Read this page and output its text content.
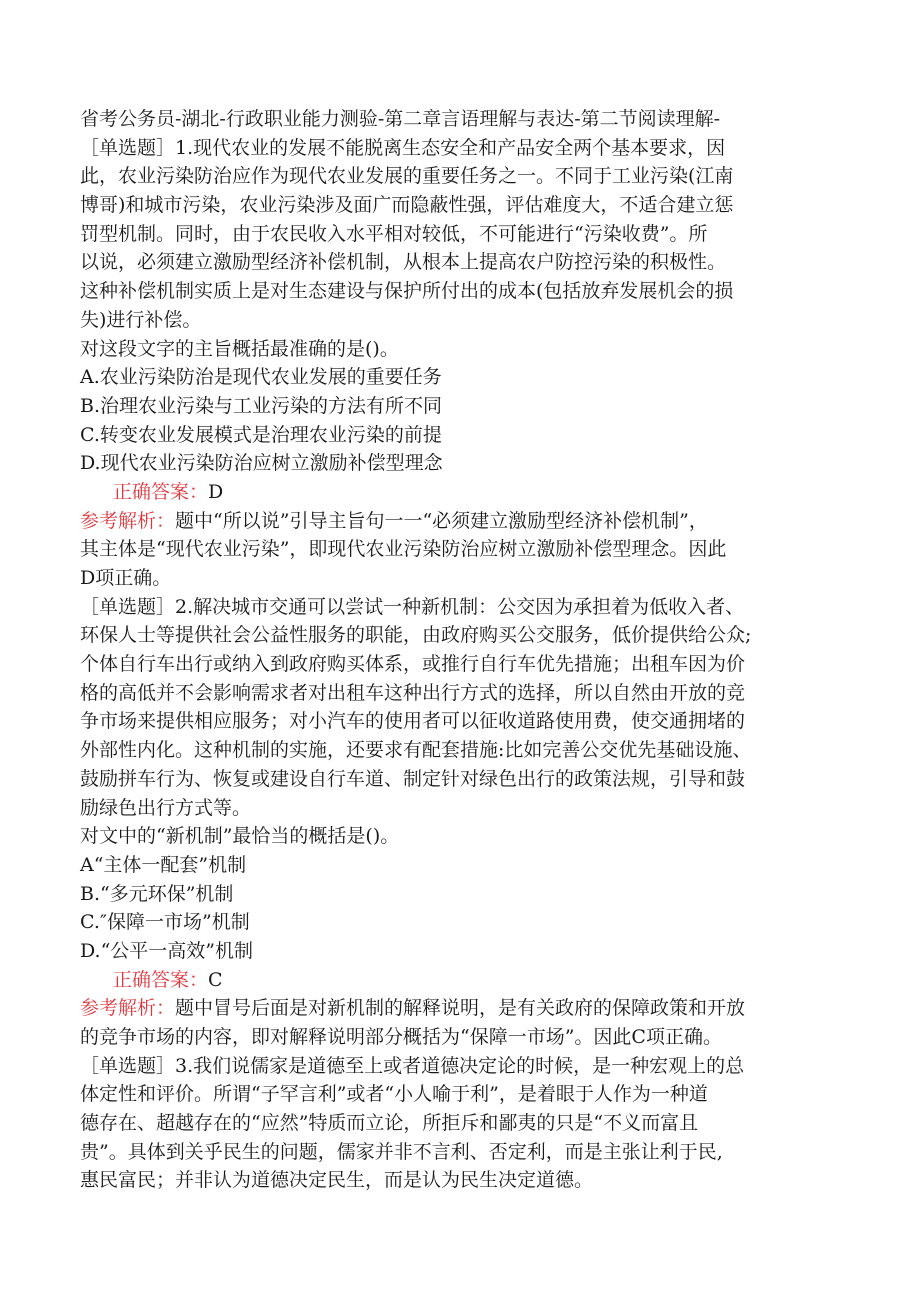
省考公务员-湖北-行政职业能力测验-第二章言语理解与表达-第二节阅读理解-
［单选题］1.现代农业的发展不能脱离生态安全和产品安全两个基本要求，因
此，农业污染防治应作为现代农业发展的重要任务之一。不同于工业污染(江南
博哥)和城市污染，农业污染涉及面广而隐蔽性强，评估难度大，不适合建立惩
罚型机制。同时，由于农民收入水平相对较低，不可能进行“污染收费”。所
以说，必须建立激励型经济补偿机制，从根本上提高农户防控污染的积极性。
这种补偿机制实质上是对生态建设与保护所付出的成本(包括放弃发展机会的损
失)进行补偿。
对这段文字的主旨概括最准确的是()。
A.农业污染防治是现代农业发展的重要任务
B.治理农业污染与工业污染的方法有所不同
C.转变农业发展模式是治理农业污染的前提
D.现代农业污染防治应树立激励补偿型理念
正确答案：D
参考解析：题中“所以说”引导主旨句一一“必须建立激励型经济补偿机制”，
其主体是“现代农业污染”，即现代农业污染防治应树立激励补偿型理念。因此
D项正确。
［单选题］2.解决城市交通可以尝试一种新机制：公交因为承担着为低收入者、
环保人士等提供社会公益性服务的职能，由政府购买公交服务，低价提供给公众;
个体自行车出行或纳入到政府购买体系，或推行自行车优先措施；出租车因为价
格的高低并不会影响需求者对出租车这种出行方式的选择，所以自然由开放的竞
争市场来提供相应服务；对小汽车的使用者可以征收道路使用费，使交通拥堵的
外部性内化。这种机制的实施，还要求有配套措施:比如完善公交优先基础设施、
鼓励拼车行为、恢复或建设自行车道、制定针对绿色出行的政策法规，引导和鼓
励绿色出行方式等。
对文中的“新机制”最恰当的概括是()。
A“主体一配套”机制
B.“多元环保”机制
C.″保障一市场”机制
D.“公平一高效”机制
正确答案：C
参考解析：题中冒号后面是对新机制的解释说明，是有关政府的保障政策和开放
的竞争市场的内容，即对解释说明部分概括为“保障一市场”。因此C项正确。
［单选题］3.我们说儒家是道德至上或者道德决定论的时候，是一种宏观上的总
体定性和评价。所谓“子罕言利”或者“小人喻于利”，是着眼于人作为一种道
德存在、超越存在的“应然”特质而立论，所拒斥和鄙夷的只是“不义而富且
贵”。具体到关乎民生的问题，儒家并非不言利、否定利，而是主张让利于民,
惠民富民；并非认为道德决定民生，而是认为民生决定道德。
